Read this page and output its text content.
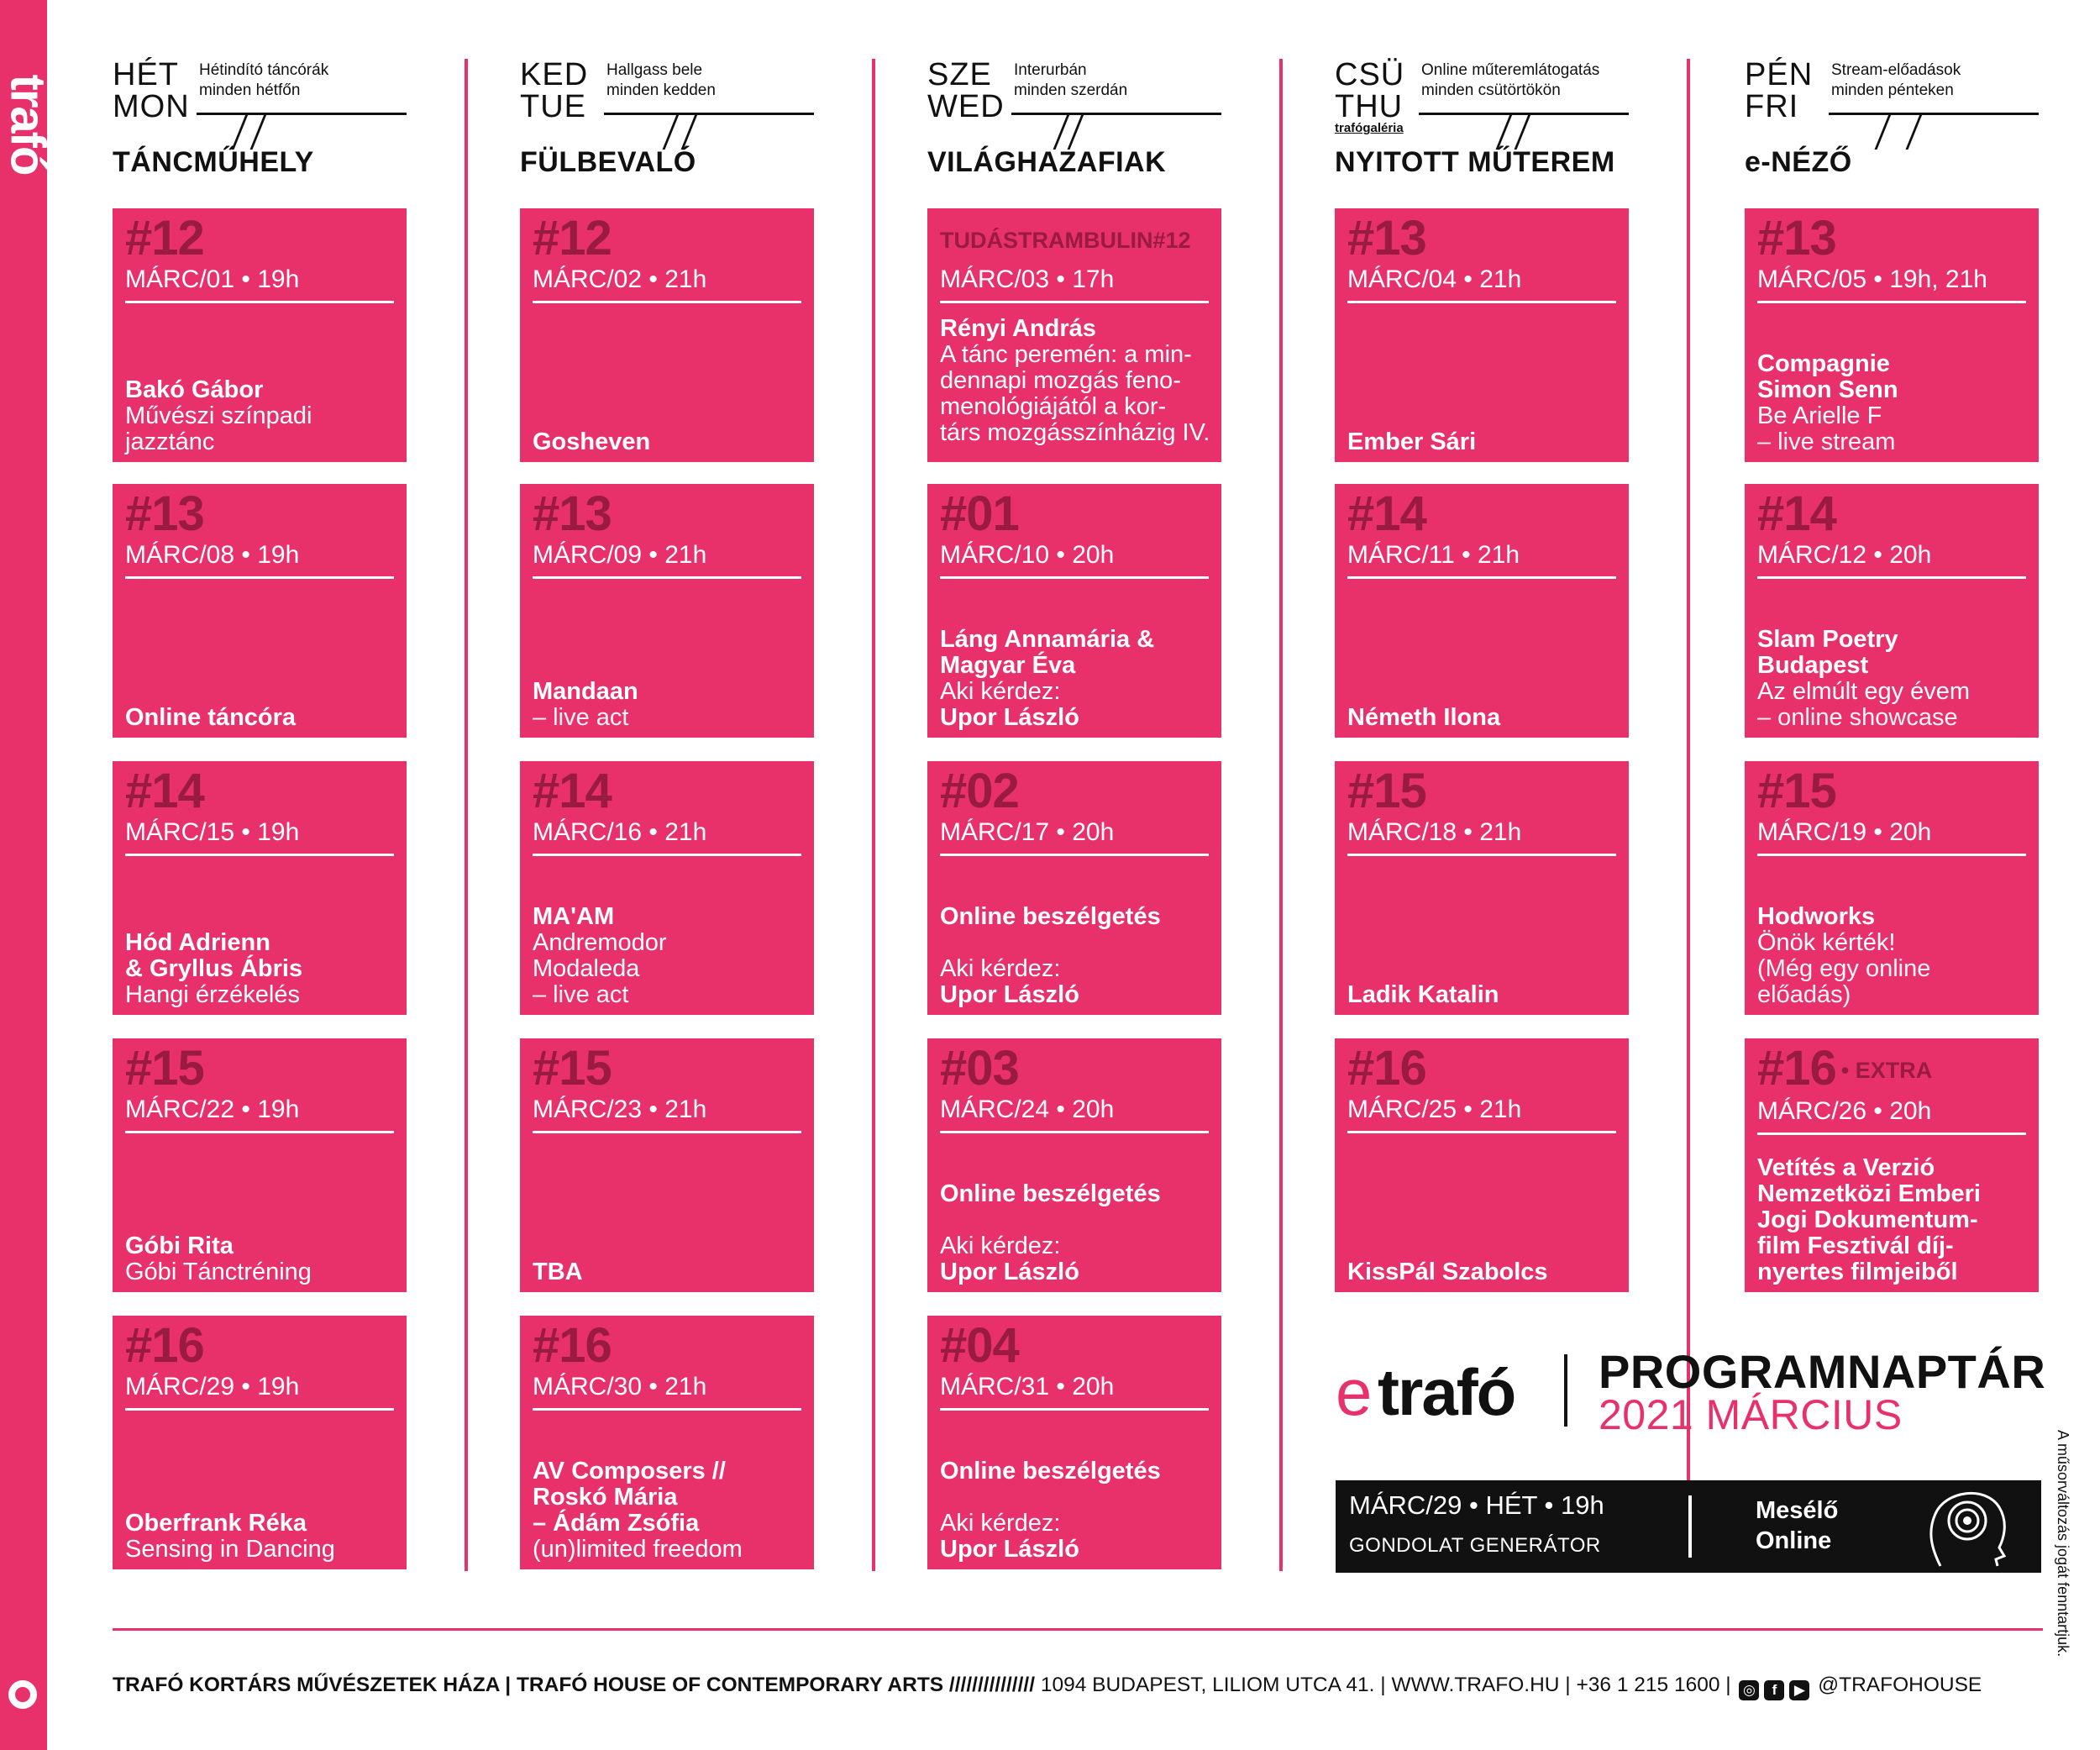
trafó HÉT
MON
Hétindító táncórák
minden hétfőn
TÁNCMŰHELY
#12
MÁRC/01 • 19h
Bakó Gábor
Művészi színpadi
jazztánc
#13
MÁRC/08 • 19h
Online táncóra
#14
MÁRC/15 • 19h
Hód Adrienn
& Gryllus Ábris
Hangi érzékelés
#15
MÁRC/22 • 19h
Góbi Rita
Góbi Tánctréning
#16
MÁRC/29 • 19h
Oberfrank Réka
Sensing in Dancing
KED
TUE
Hallgass bele
minden kedden
FÜLBEVALÓ
#12
MÁRC/02 • 21h
Gosheven
#13
MÁRC/09 • 21h
Mandaan
– live act
#14
MÁRC/16 • 21h
MA'AM
Andremodor
Modaleda
– live act
#15
MÁRC/23 • 21h
TBA
#16
MÁRC/30 • 21h
AV Composers //
Roskó Mária
– Ádám Zsófia
(un)limited freedom
SZE
WED
Interurbán
minden szerdán
VILÁGHAZAFIAK
TUDÁSTRAMBULIN#12
MÁRC/03 • 17h
Rényi András
A tánc peremén: a min-
dennapi mozgás feno-
menológiájától a kor-
társ mozgásszínházig IV.
#01
MÁRC/10 • 20h
Láng Annamária &
Magyar Éva
Aki kérdez:
Upor László
#02
MÁRC/17 • 20h
Online beszélgetés
Aki kérdez:
Upor László
#03
MÁRC/24 • 20h
Online beszélgetés
Aki kérdez:
Upor László
#04
MÁRC/31 • 20h
Online beszélgetés
Aki kérdez:
Upor László
CSÜ
THU
Online műteremlátogatás
minden csütörtökön
trafógaléria
NYITOTT MŰTEREM
#13
MÁRC/04 • 21h
Ember Sári
#14
MÁRC/11 • 21h
Németh Ilona
#15
MÁRC/18 • 21h
Ladik Katalin
#16
MÁRC/25 • 21h
KissPál Szabolcs
PÉN
FRI
Stream-előadások
minden pénteken
e-NÉZŐ
#13
MÁRC/05 • 19h, 21h
Compagnie
Simon Senn
Be Arielle F
– live stream
#14
MÁRC/12 • 20h
Slam Poetry
Budapest
Az elmúlt egy évem
– online showcase
#15
MÁRC/19 • 20h
Hodworks
Önök kérték!
(Még egy online
előadás)
#16 • EXTRA
MÁRC/26 • 20h
Vetítés a Verzió
Nemzetközi Emberi
Jogi Dokumentum-
film Fesztivál díj-
nyertes filmjeiből
e trafó PROGRAMNAPTÁR
2021 MÁRCIUS
MÁRC/29 • HÉT • 19h
GONDOLAT GENERÁTOR
Mesélő
Online
TRAFÓ KORTÁRS MŰVÉSZETEK HÁZA | TRAFÓ HOUSE OF CONTEMPORARY ARTS /////////////// 1094 BUDAPEST, LILIOM UTCA 41. | WWW.TRAFO.HU | +36 1 215 1600 | ◎ f ▶ @TRAFOHOUSE
A műsorváltozás jogát fenntartjuk.
